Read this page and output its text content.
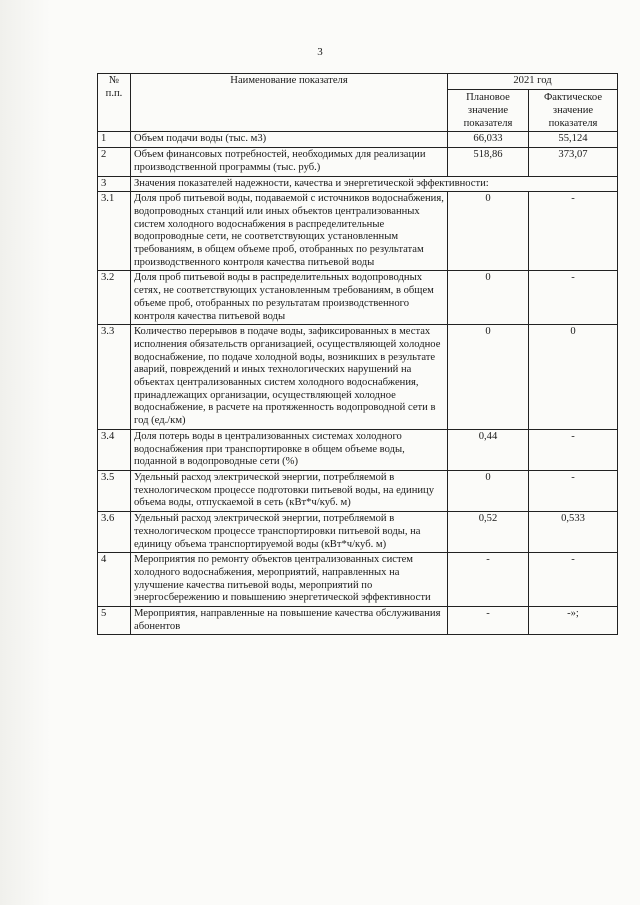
3
№ п.п.	Наименование показателя	2021 год	
		Плановое значение показателя	Фактическое значение показателя
1	Объем подачи воды (тыс. м3)	66,033	55,124
2	Объем финансовых потребностей, необходимых для реализации производственной программы (тыс. руб.)	518,86	373,07
3	Значения показателей надежности, качества и энергетической эффективности:		
3.1	Доля проб питьевой воды, подаваемой с источников водоснабжения, водопроводных станций или иных объектов централизованных систем холодного водоснабжения в распределительные водопроводные сети, не соответствующих установленным требованиям, в общем объеме проб, отобранных по результатам производственного контроля качества питьевой воды	0	-
3.2	Доля проб питьевой воды в распределительных водопроводных сетях, не соответствующих установленным требованиям, в общем объеме проб, отобранных по результатам производственного контроля качества питьевой воды	0	-
3.3	Количество перерывов в подаче воды, зафиксированных в местах исполнения обязательств организацией, осуществляющей холодное водоснабжение, по подаче холодной воды, возникших в результате аварий, повреждений и иных технологических нарушений на объектах централизованных систем холодного водоснабжения, принадлежащих организации, осуществляющей холодное водоснабжение, в расчете на протяженность водопроводной сети в год (ед./км)	0	0
3.4	Доля потерь воды в централизованных системах холодного водоснабжения при транспортировке в общем объеме воды, поданной в водопроводные сети (%)	0,44	-
3.5	Удельный расход электрической энергии, потребляемой в технологическом процессе подготовки питьевой воды, на единицу объема воды, отпускаемой в сеть (кВт*ч/куб. м)	0	-
3.6	Удельный расход электрической энергии, потребляемой в технологическом процессе транспортировки питьевой воды, на единицу объема транспортируемой воды (кВт*ч/куб. м)	0,52	0,533
4	Мероприятия по ремонту объектов централизованных систем холодного водоснабжения, мероприятий, направленных на улучшение качества питьевой воды, мероприятий по энергосбережению и повышению энергетической эффективности	-	-
5	Мероприятия, направленные на повышение качества обслуживания абонентов	-	-»;
